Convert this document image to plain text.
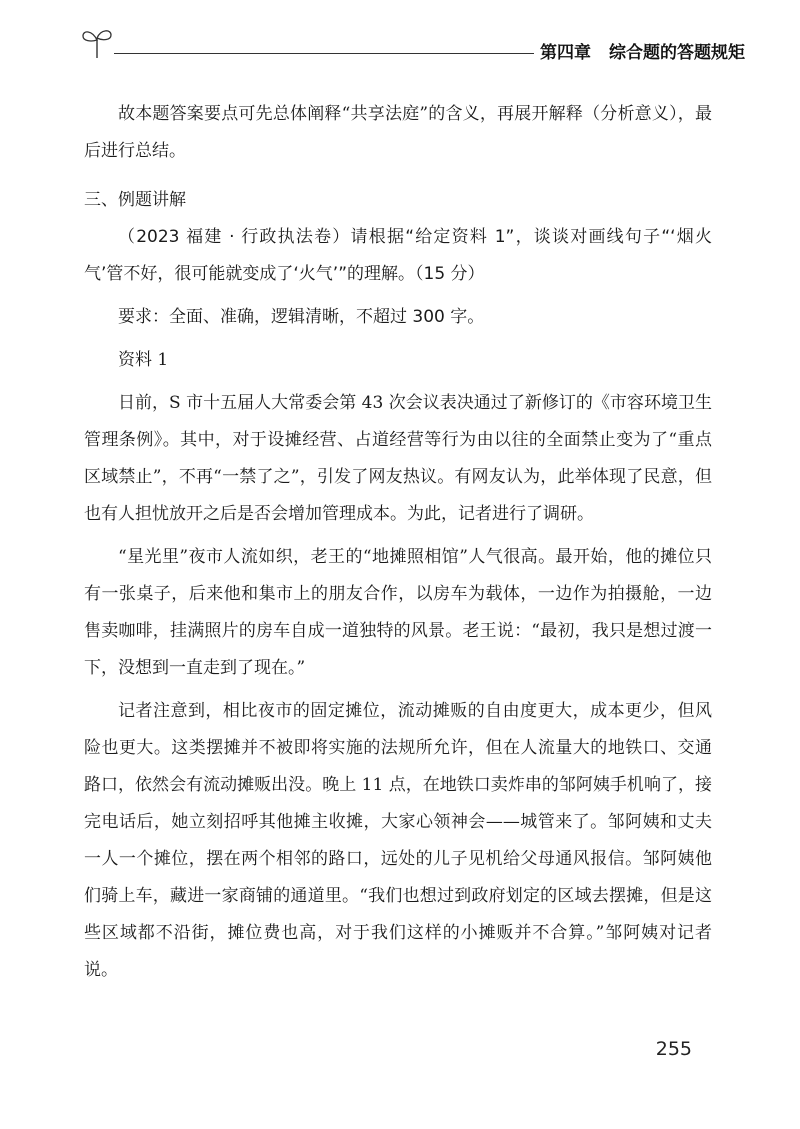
第四章 综合题的答题规矩

故本题答案要点可先总体阐释“共享法庭”的含义，再展开解释（分析意义），最后进行总结。

三、例题讲解

（2023 福建 · 行政执法卷）请根据“给定资料 1”，谈谈对画线句子“‘烟火气’管不好，很可能就变成了‘火气’”的理解。（15 分）

要求：全面、准确，逻辑清晰，不超过 300 字。

资料 1

日前，S 市十五届人大常委会第 43 次会议表决通过了新修订的《市容环境卫生管理条例》。其中，对于设摊经营、占道经营等行为由以往的全面禁止变为了“重点区域禁止”，不再“一禁了之”，引发了网友热议。有网友认为，此举体现了民意，但也有人担忧放开之后是否会增加管理成本。为此，记者进行了调研。

“星光里”夜市人流如织，老王的“地摊照相馆”人气很高。最开始，他的摊位只有一张桌子，后来他和集市上的朋友合作，以房车为载体，一边作为拍摄舱，一边售卖咖啡，挂满照片的房车自成一道独特的风景。老王说：“最初，我只是想过渡一下，没想到一直走到了现在。”

记者注意到，相比夜市的固定摊位，流动摊贩的自由度更大，成本更少，但风险也更大。这类摆摊并不被即将实施的法规所允许，但在人流量大的地铁口、交通路口，依然会有流动摊贩出没。晚上 11 点，在地铁口卖炸串的邹阿姨手机响了，接完电话后，她立刻招呼其他摊主收摊，大家心领神会——城管来了。邹阿姨和丈夫一人一个摊位，摆在两个相邻的路口，远处的儿子见机给父母通风报信。邹阿姨他们骑上车，藏进一家商铺的通道里。“我们也想过到政府划定的区域去摆摊，但是这些区域都不沿街，摊位费也高，对于我们这样的小摊贩并不合算。”邹阿姨对记者说。

255
